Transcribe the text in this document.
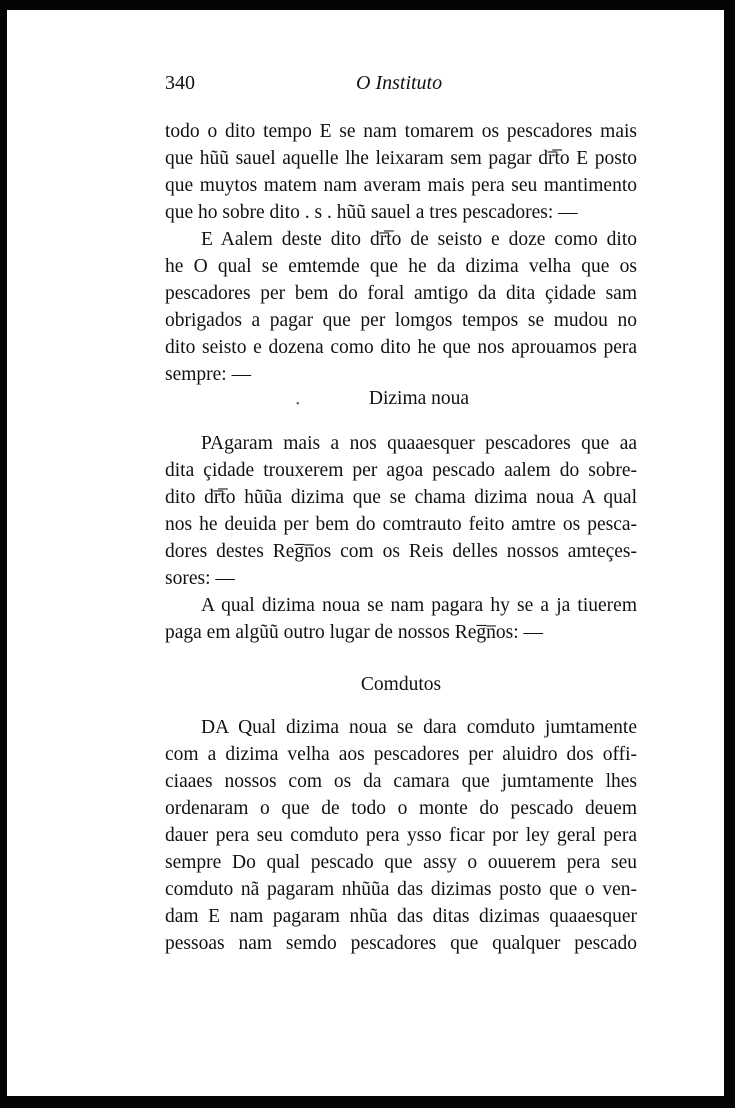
340	O Instituto
todo o dito tempo E se nam tomarem os pescadores mais
que hũũ sauel aquelle lhe leixaram sem pagar dr̅t̅o E posto
que muytos matem nam averam mais pera seu mantimento
que ho sobre dito . s . hũũ sauel a tres pescadores: —
E Aalem deste dito dr̅t̅o de seisto e doze como dito
he O qual se emtemde que he da dizima velha que os
pescadores per bem do foral amtigo da dita çidade sam
obrigados a pagar que per lomgos tempos se mudou no
dito seisto e dozena como dito he que nos aprouamos pera
sempre: —
•	Dizima noua
PAgaram mais a nos quaaesquer pescadores que aa
dita çidade trouxerem per agoa pescado aalem do sobre-
dito dr̅t̅o hũũa dizima que se chama dizima noua A qual
nos he deuida per bem do comtrauto feito amtre os pesca-
dores destes Reg̅n̅os com os Reis delles nossos amteçes-
sores: —
A qual dizima noua se nam pagara hy se a ja tiuerem
paga em algũũ outro lugar de nossos Reg̅n̅os: —
Comdutos
DA Qual dizima noua se dara comduto jumtamente
com a dizima velha aos pescadores per aluidro dos offi-
ciaaes nossos com os da camara que jumtamente lhes
ordenaram o que de todo o monte do pescado deuem
dauer pera seu comduto pera ysso ficar por ley geral pera
sempre Do qual pescado que assy o ouuerem pera seu
comduto nã pagaram nhũũa das dizimas posto que o ven-
dam E nam pagaram nhũa das ditas dizimas quaaesquer
pessoas nam semdo pescadores que qualquer pescado
